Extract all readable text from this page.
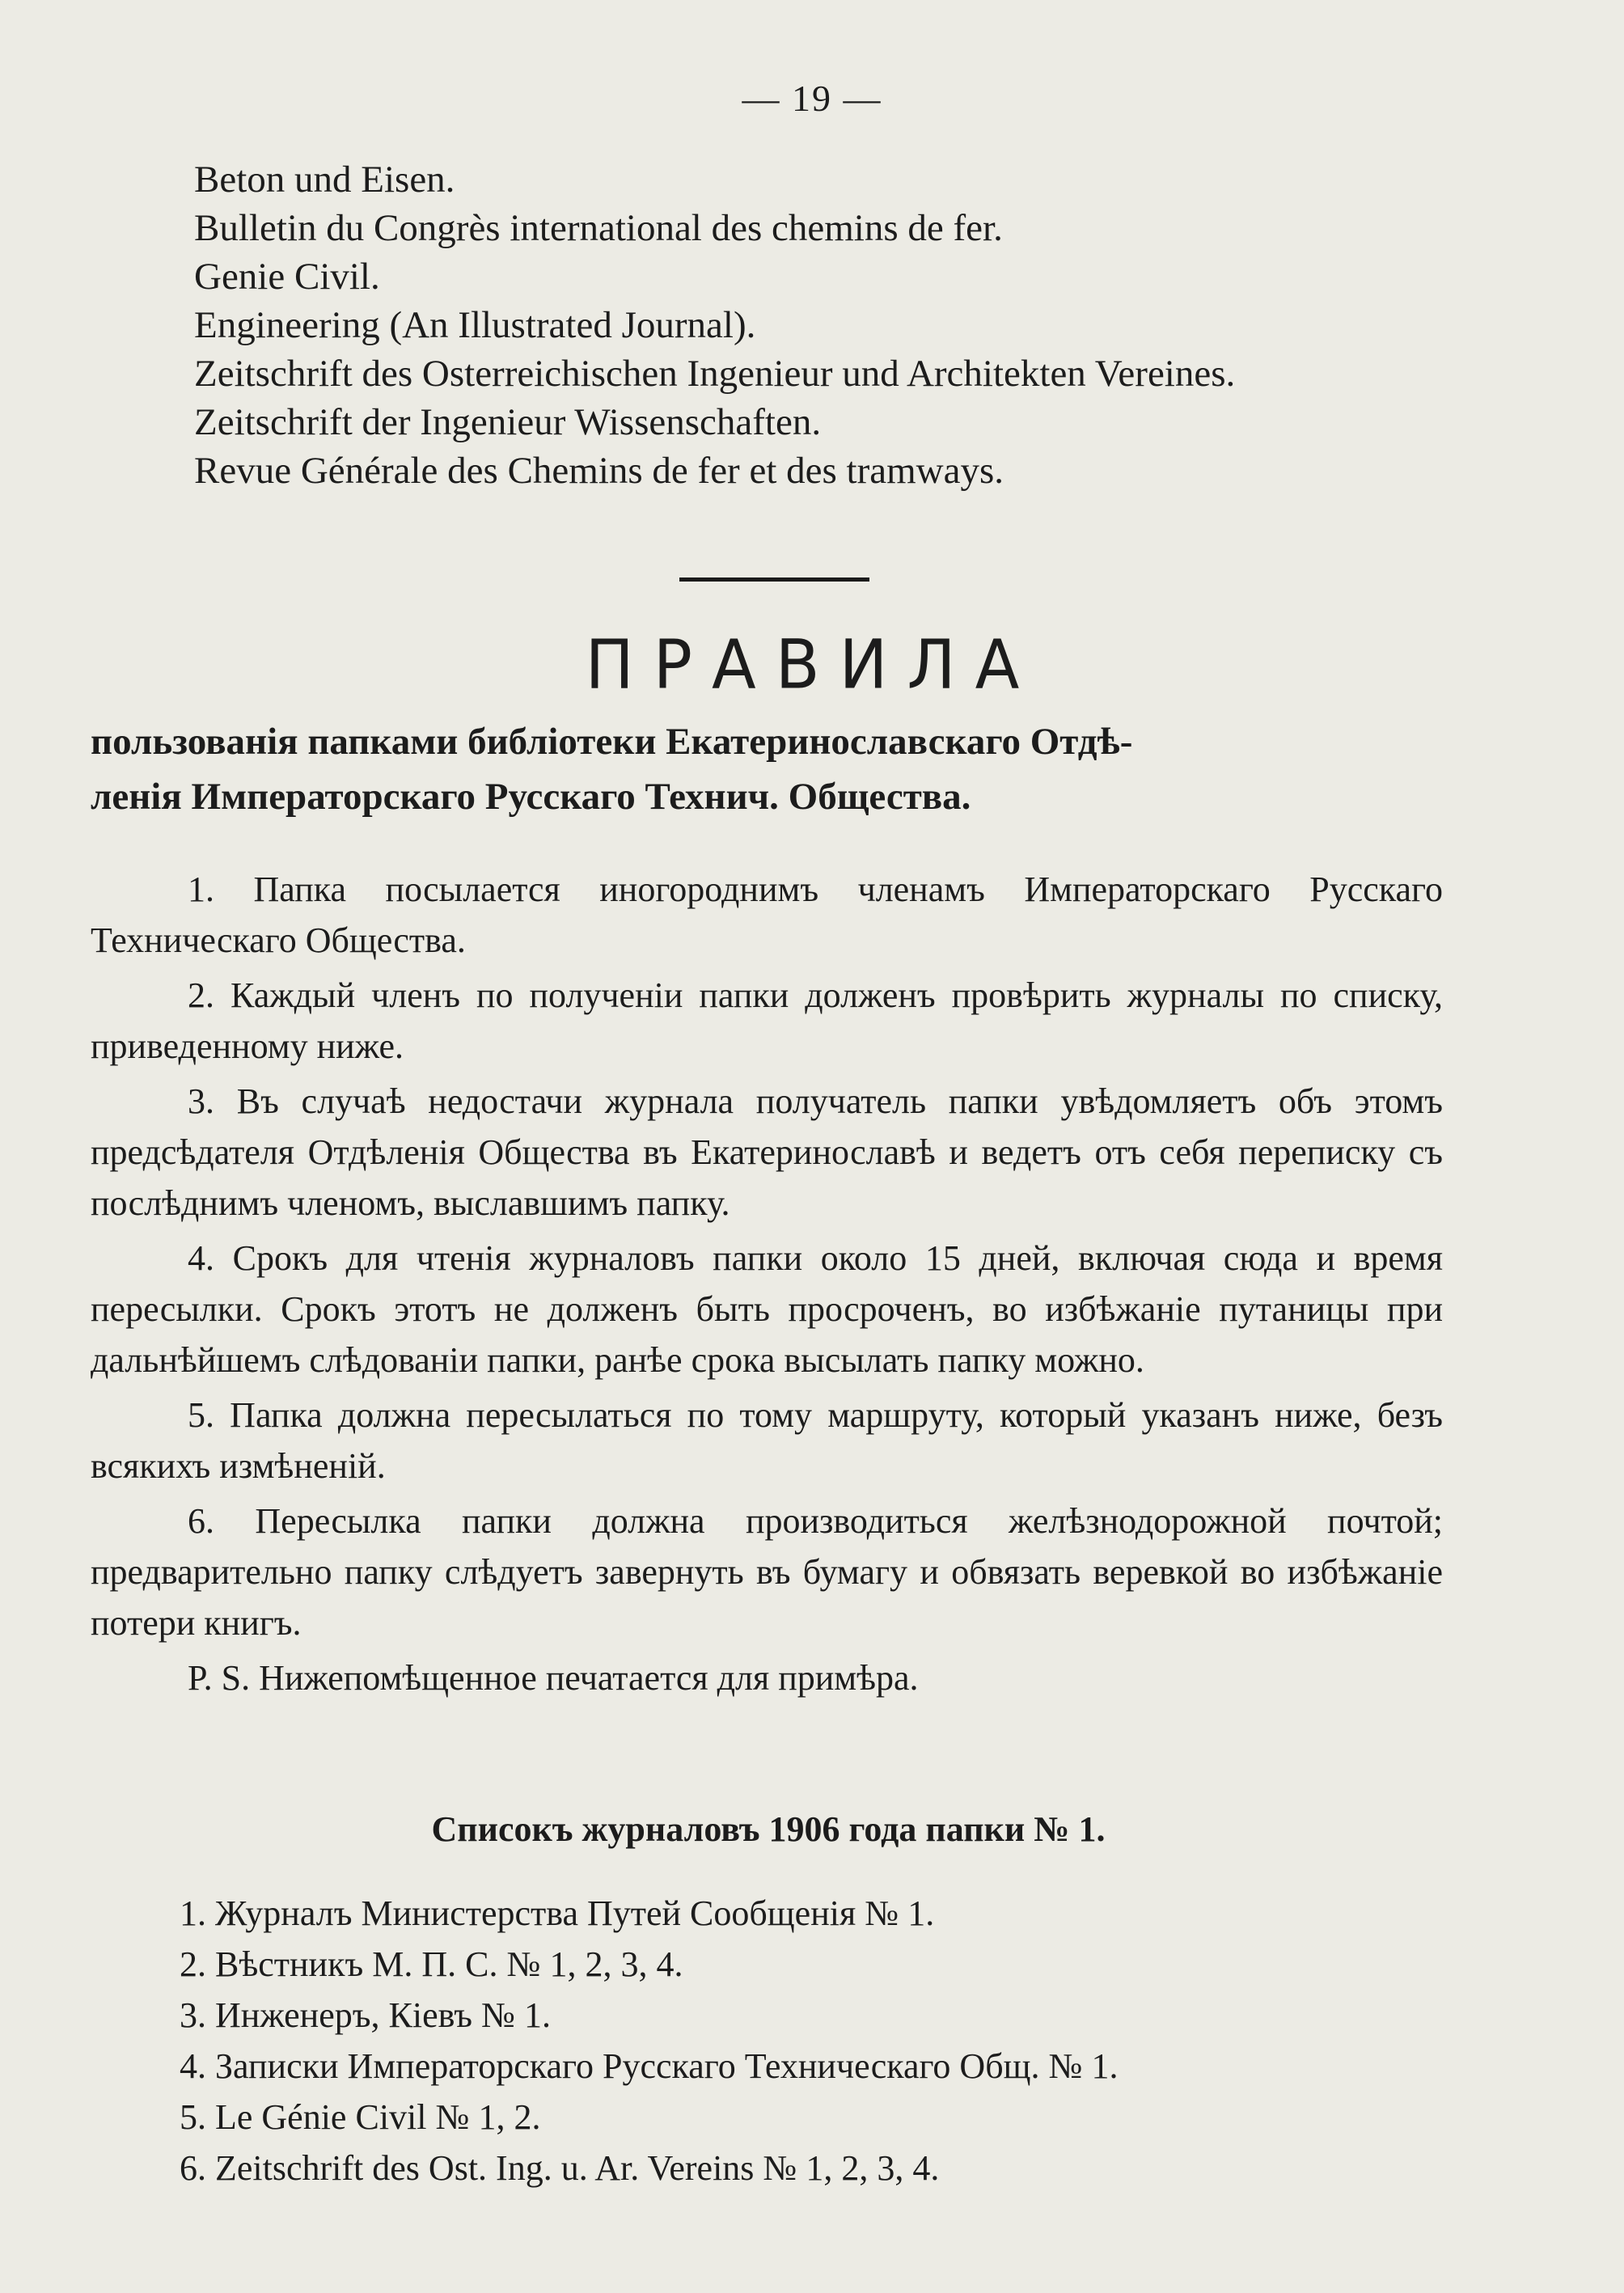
— 19 —
Beton und Eisen.
Bulletin du Congrès international des chemins de fer.
Genie Civil.
Engineering (An Illustrated Journal).
Zeitschrift des Osterreichischen Ingenieur und Architekten Vereines.
Zeitschrift der Ingenieur Wissenschaften.
Revue Générale des Chemins de fer et des tramways.
ПРАВИЛА
пользованія папками библіотеки Екатеринославскаго Отдѣ-
ленія Императорскаго Русскаго Технич. Общества.
1. Папка посылается иногороднимъ членамъ Императорскаго Русскаго Техническаго Общества.
2. Каждый членъ по полученіи папки долженъ провѣрить журналы по списку, приведенному ниже.
3. Въ случаѣ недостачи журнала получатель папки увѣдомляетъ объ этомъ предсѣдателя Отдѣленія Общества въ Екатеринославѣ и ведетъ отъ себя переписку съ послѣднимъ членомъ, выславшимъ папку.
4. Срокъ для чтенія журналовъ папки около 15 дней, включая сюда и время пересылки. Срокъ этотъ не долженъ быть просроченъ, во избѣжаніе путаницы при дальнѣйшемъ слѣдованіи папки, ранѣе срока высылать папку можно.
5. Папка должна пересылаться по тому маршруту, который указанъ ниже, безъ всякихъ измѣненій.
6. Пересылка папки должна производиться желѣзнодорожной почтой; предварительно папку слѣдуетъ завернуть въ бумагу и обвязать веревкой во избѣжаніе потери книгъ.
P. S. Нижепомѣщенное печатается для примѣра.
Списокъ журналовъ 1906 года папки № 1.
1. Журналъ Министерства Путей Сообщенія № 1.
2. Вѣстникъ М. П. С. № 1, 2, 3, 4.
3. Инженеръ, Кіевъ № 1.
4. Записки Императорскаго Русскаго Техническаго Общ. № 1.
5. Le Génie Civil № 1, 2.
6. Zeitschrift des Ost. Ing. u. Ar. Vereins № 1, 2, 3, 4.
